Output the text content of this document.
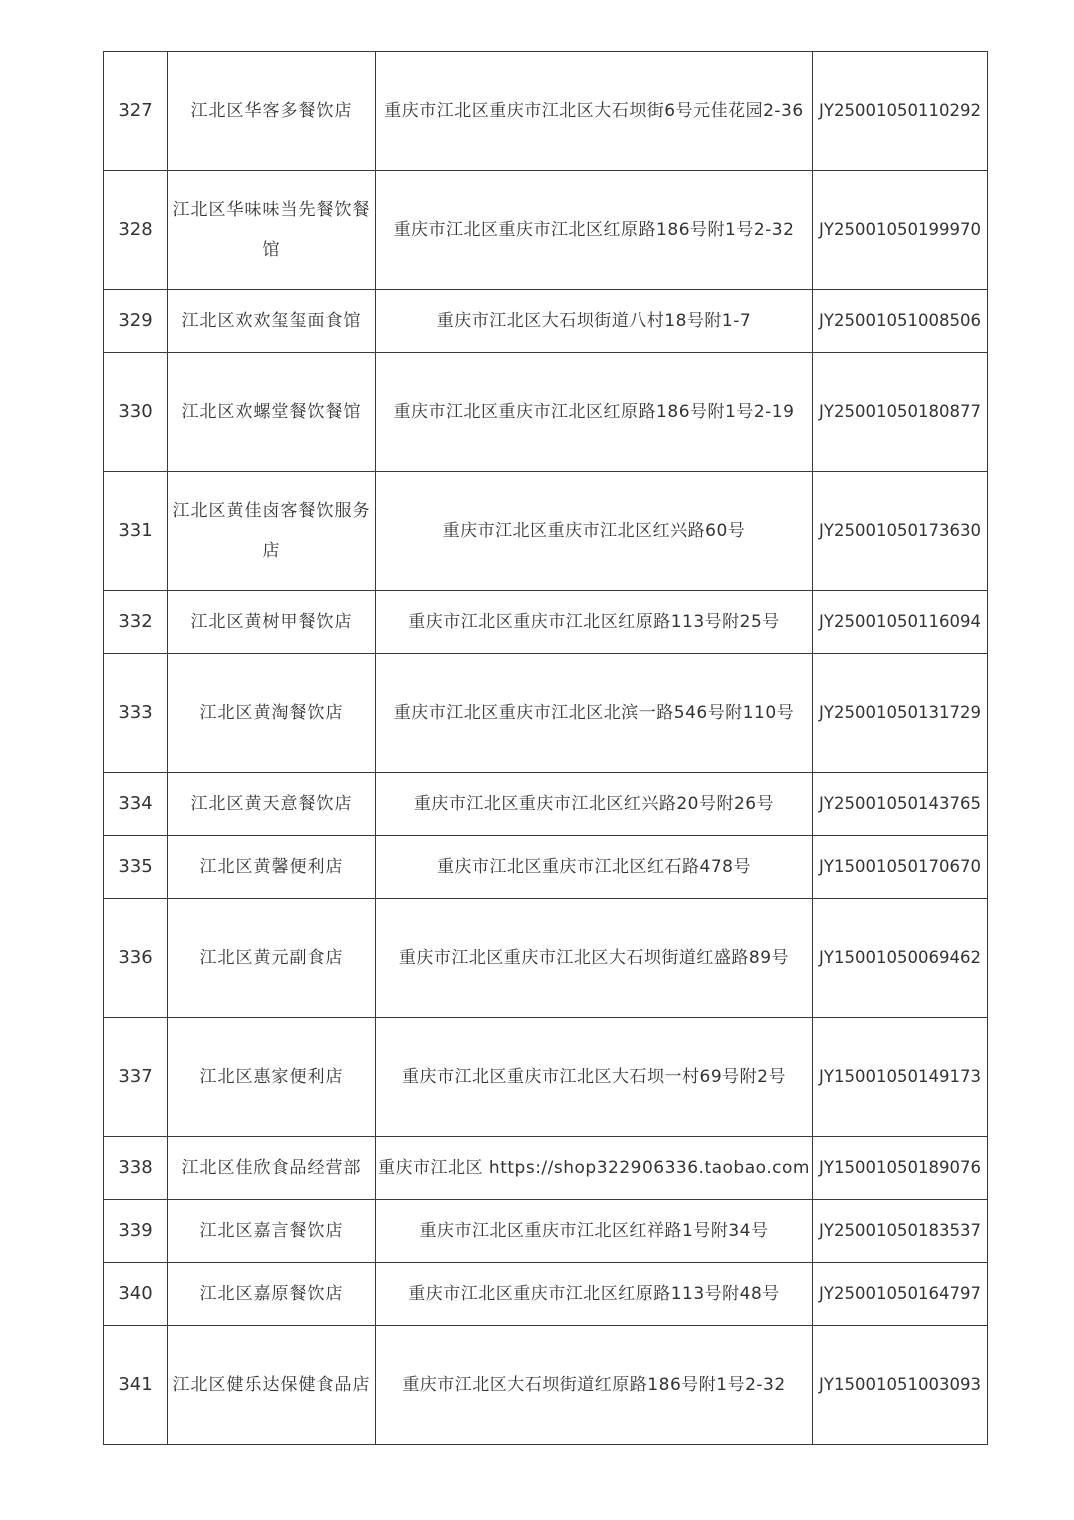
327	江北区华客多餐饮店	重庆市江北区重庆市江北区大石坝街6号元佳花园2-36	JY25001050110292
328	江北区华味味当先餐饮餐馆	重庆市江北区重庆市江北区红原路186号附1号2-32	JY25001050199970
329	江北区欢欢玺玺面食馆	重庆市江北区大石坝街道八村18号附1-7	JY25001051008506
330	江北区欢螺堂餐饮餐馆	重庆市江北区重庆市江北区红原路186号附1号2-19	JY25001050180877
331	江北区黄佳卤客餐饮服务店	重庆市江北区重庆市江北区红兴路60号	JY25001050173630
332	江北区黄树甲餐饮店	重庆市江北区重庆市江北区红原路113号附25号	JY25001050116094
333	江北区黄淘餐饮店	重庆市江北区重庆市江北区北滨一路546号附110号	JY25001050131729
334	江北区黄天意餐饮店	重庆市江北区重庆市江北区红兴路20号附26号	JY25001050143765
335	江北区黄馨便利店	重庆市江北区重庆市江北区红石路478号	JY15001050170670
336	江北区黄元副食店	重庆市江北区重庆市江北区大石坝街道红盛路89号	JY15001050069462
337	江北区惠家便利店	重庆市江北区重庆市江北区大石坝一村69号附2号	JY15001050149173
338	江北区佳欣食品经营部	重庆市江北区 https://shop322906336.taobao.com	JY15001050189076
339	江北区嘉言餐饮店	重庆市江北区重庆市江北区红祥路1号附34号	JY25001050183537
340	江北区嘉原餐饮店	重庆市江北区重庆市江北区红原路113号附48号	JY25001050164797
341	江北区健乐达保健食品店	重庆市江北区大石坝街道红原路186号附1号2-32	JY15001051003093
